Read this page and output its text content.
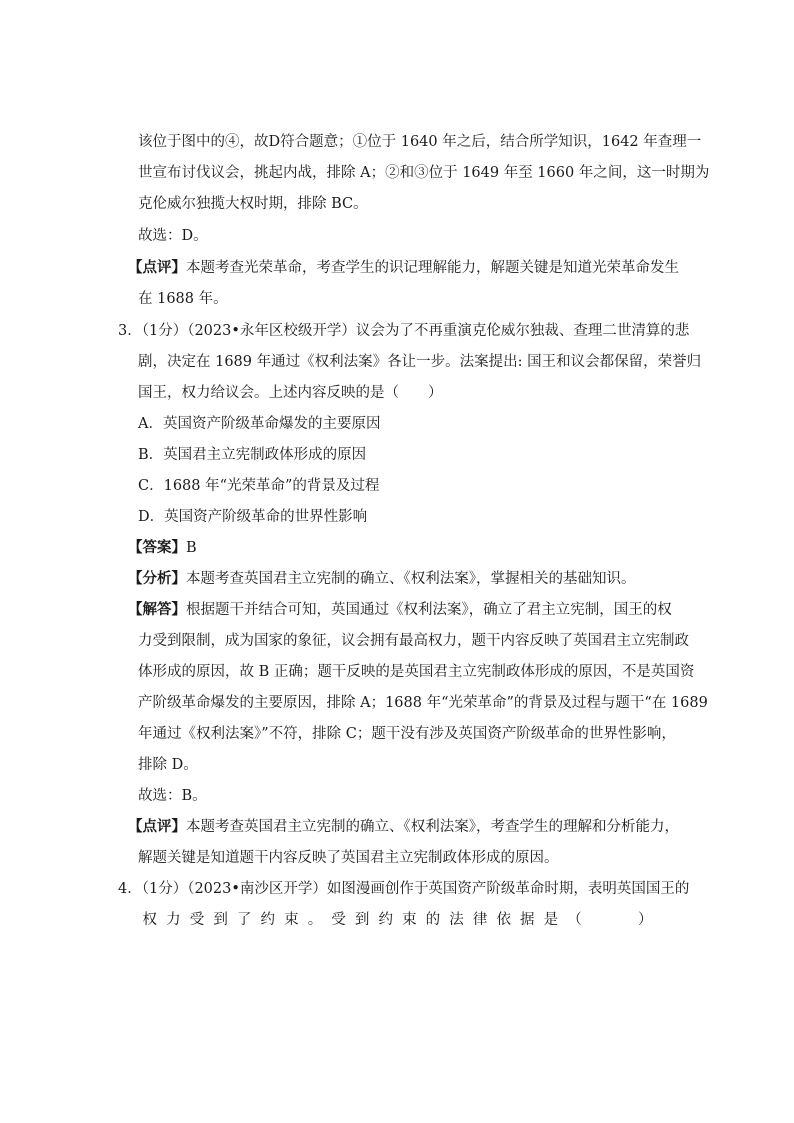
该位于图中的④，故D符合题意；①位于 1640 年之后，结合所学知识，1642 年查理一
世宣布讨伐议会，挑起内战，排除 A；②和③位于 1649 年至 1660 年之间，这一时期为
克伦威尔独揽大权时期，排除 BC。
故选：D。
【点评】本题考查光荣革命，考查学生的识记理解能力，解题关键是知道光荣革命发生
在 1688 年。
3．（1分）（2023•永年区校级开学）议会为了不再重演克伦威尔独裁、查理二世清算的悲
剧，决定在 1689 年通过《权利法案》各让一步。法案提出: 国王和议会都保留，荣誉归
国王，权力给议会。上述内容反映的是（　　）
A．英国资产阶级革命爆发的主要原因
B．英国君主立宪制政体形成的原因
C．1688 年“光荣革命”的背景及过程
D．英国资产阶级革命的世界性影响
【答案】B
【分析】本题考查英国君主立宪制的确立、《权利法案》，掌握相关的基础知识。
【解答】根据题干并结合可知，英国通过《权利法案》，确立了君主立宪制，国王的权
力受到限制，成为国家的象征，议会拥有最高权力，题干内容反映了英国君主立宪制政
体形成的原因，故 B 正确；题干反映的是英国君主立宪制政体形成的原因，不是英国资
产阶级革命爆发的主要原因，排除 A；1688 年“光荣革命”的背景及过程与题干“在 1689
年通过《权利法案》”不符，排除 C；题干没有涉及英国资产阶级革命的世界性影响，
排除 D。
故选：B。
【点评】本题考查英国君主立宪制的确立、《权利法案》，考查学生的理解和分析能力，
解题关键是知道题干内容反映了英国君主立宪制政体形成的原因。
4．（1分）（2023•南沙区开学）如图漫画创作于英国资产阶级革命时期，表明英国国王的
权 力 受 到 了 约 束 。 受 到 约 束 的 法 律 依 据 是 （	）
